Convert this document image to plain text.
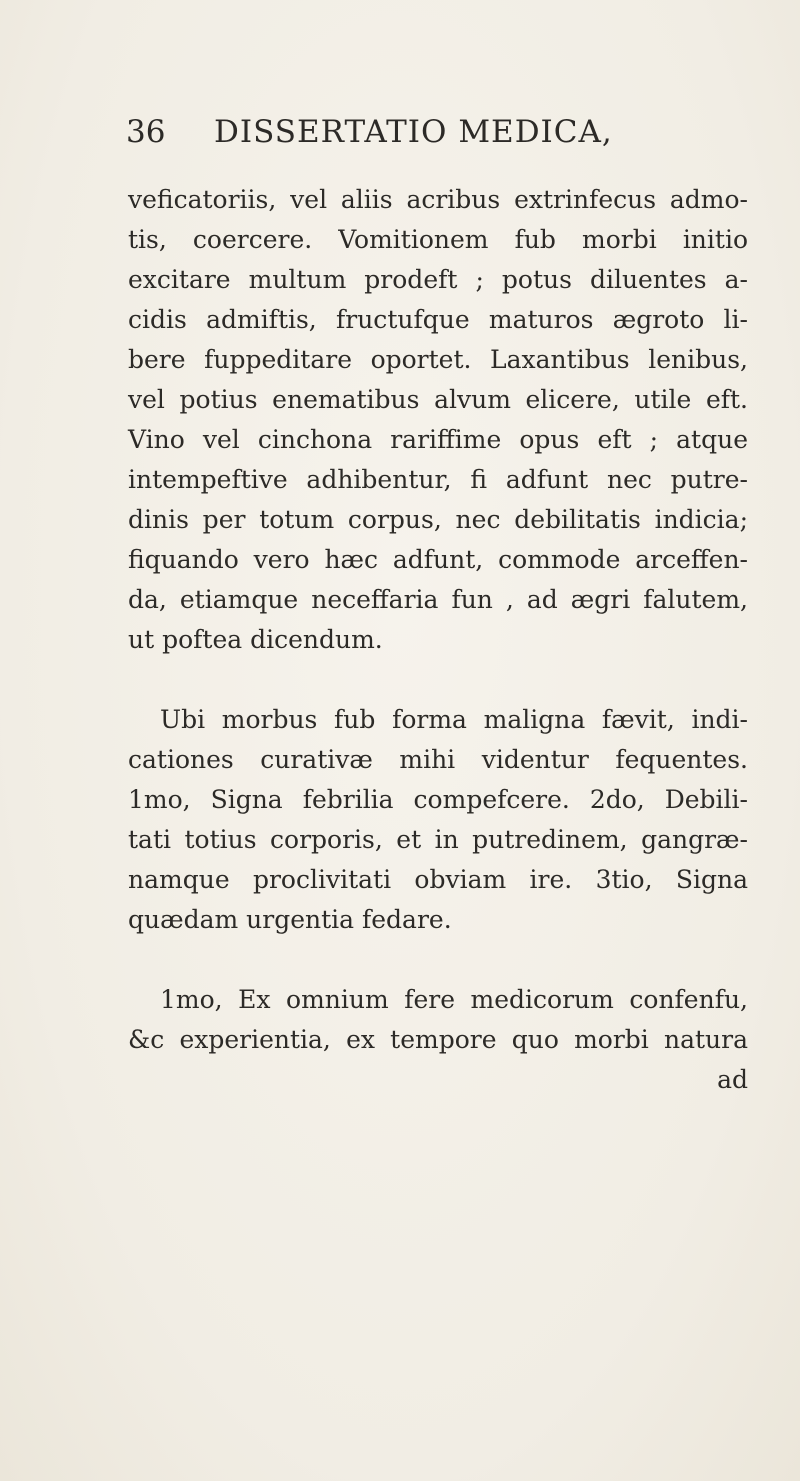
36 DISSERTATIO MEDICA,
veficatoriis, vel aliis acribus extrinfecus admo-
tis, coercere. Vomitionem fub morbi initio
excitare multum prodeft ; potus diluentes a-
cidis admiftis, fructufque maturos ægroto li-
bere fuppeditare oportet. Laxantibus lenibus,
vel potius enematibus alvum elicere, utile eft.
Vino vel cinchona rariffime opus eft ; atque
intempeftive adhibentur, fi adfunt nec putre-
dinis per totum corpus, nec debilitatis indicia;
fiquando vero hæc adfunt, commode arceffen-
da, etiamque neceffaria fun , ad ægri falutem,
ut poftea dicendum.
Ubi morbus fub forma maligna fævit, indi-
cationes curativæ mihi videntur fequentes.
1mo, Signa febrilia compefcere. 2do, Debili-
tati totius corporis, et in putredinem, gangræ-
namque proclivitati obviam ire. 3tio, Signa
quædam urgentia fedare.
1mo, Ex omnium fere medicorum confenfu,
&c experientia, ex tempore quo morbi natura
ad
